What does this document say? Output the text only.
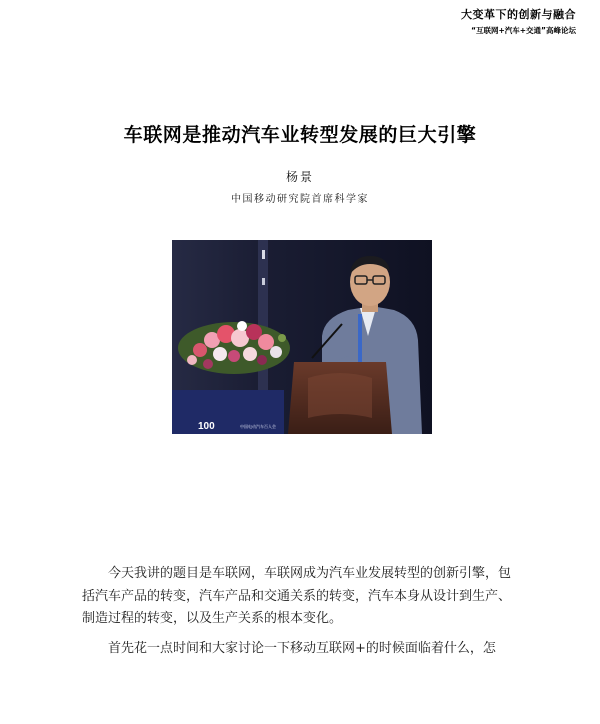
大变革下的创新与融合
“互联网+汽车+交通”高峰论坛
车联网是推动汽车业转型发展的巨大引擎
杨景
中国移动研究院首席科学家
100	中国电动汽车百人会

今天我讲的题目是车联网，车联网成为汽车业发展转型的创新引擎，包括汽车产品的转变，汽车产品和交通关系的转变，汽车本身从设计到生产、制造过程的转变，以及生产关系的根本变化。

首先花一点时间和大家讨论一下移动互联网+的时候面临着什么，怎
